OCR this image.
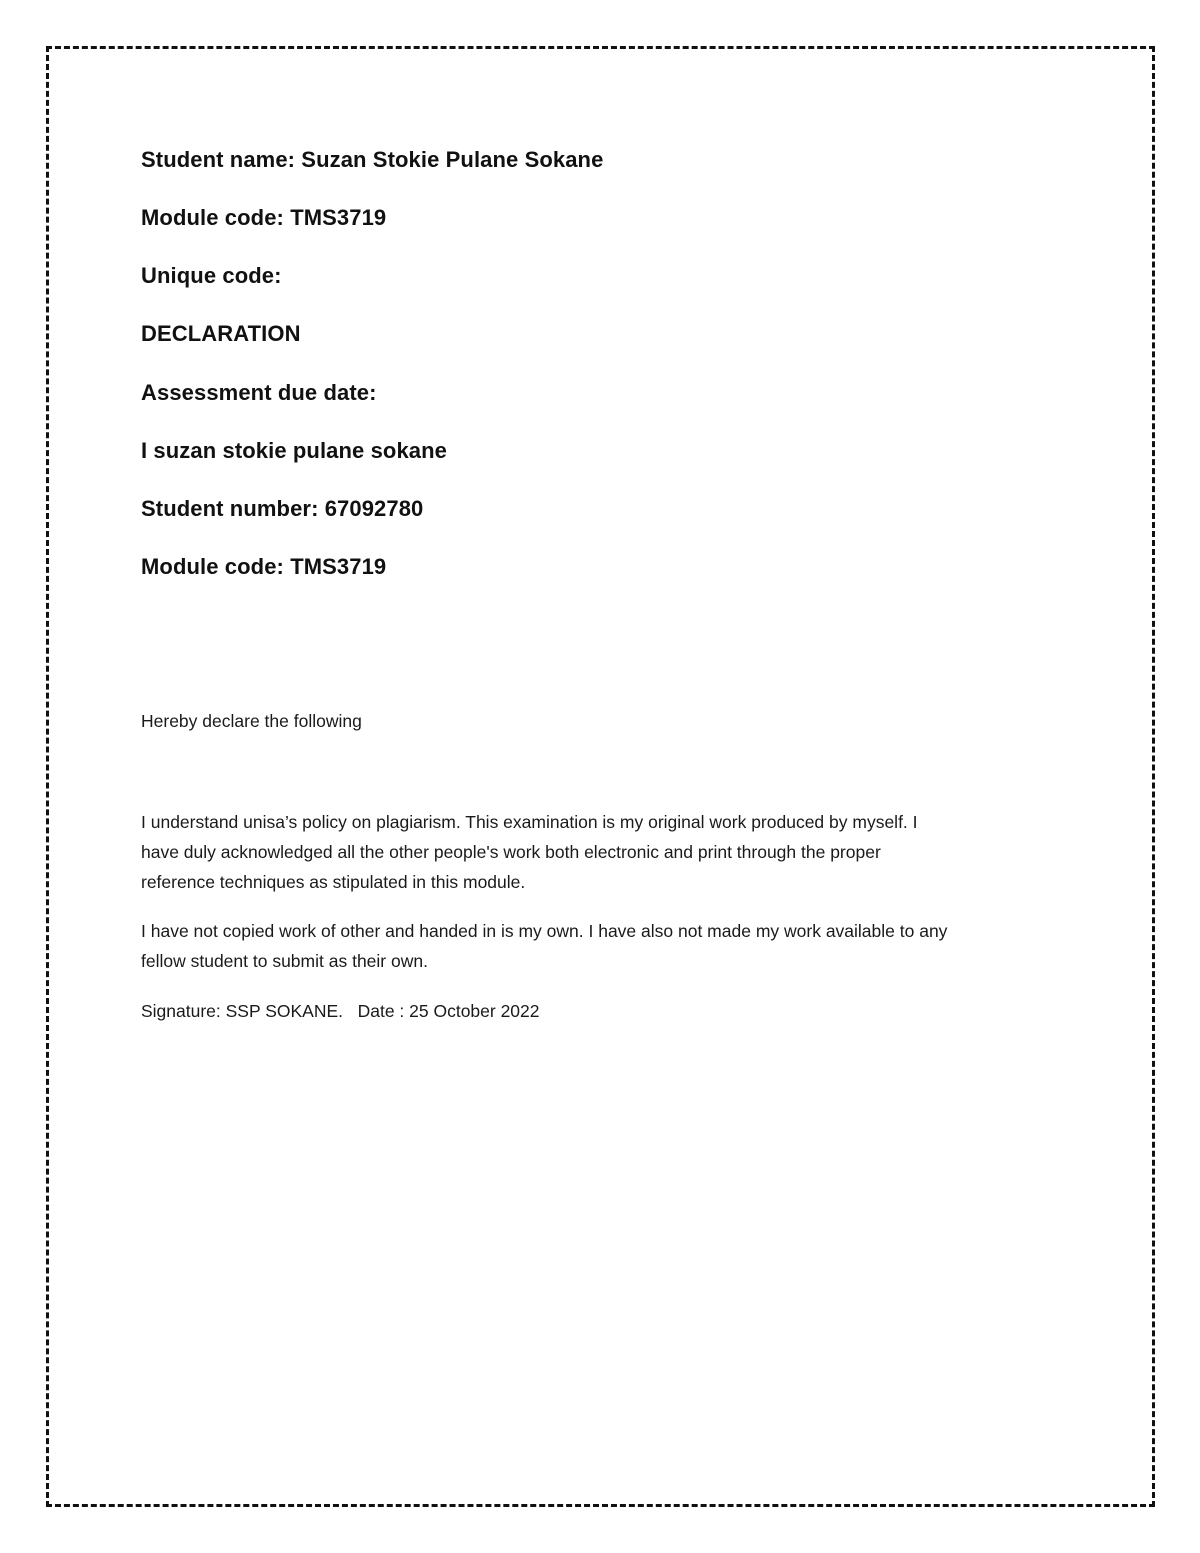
Student name: Suzan Stokie Pulane Sokane
Module code: TMS3719
Unique code:
DECLARATION
Assessment due date:
I suzan stokie pulane sokane
Student number: 67092780
Module code: TMS3719
Hereby declare the following
I understand unisa’s policy on plagiarism. This examination is my original work produced by myself. I
have duly acknowledged all the other people's work both electronic and print through the proper
reference techniques as stipulated in this module.
I have not copied work of other and handed in is my own. I have also not made my work available to any
fellow student to submit as their own.
Signature: SSP SOKANE.   Date : 25 October 2022
